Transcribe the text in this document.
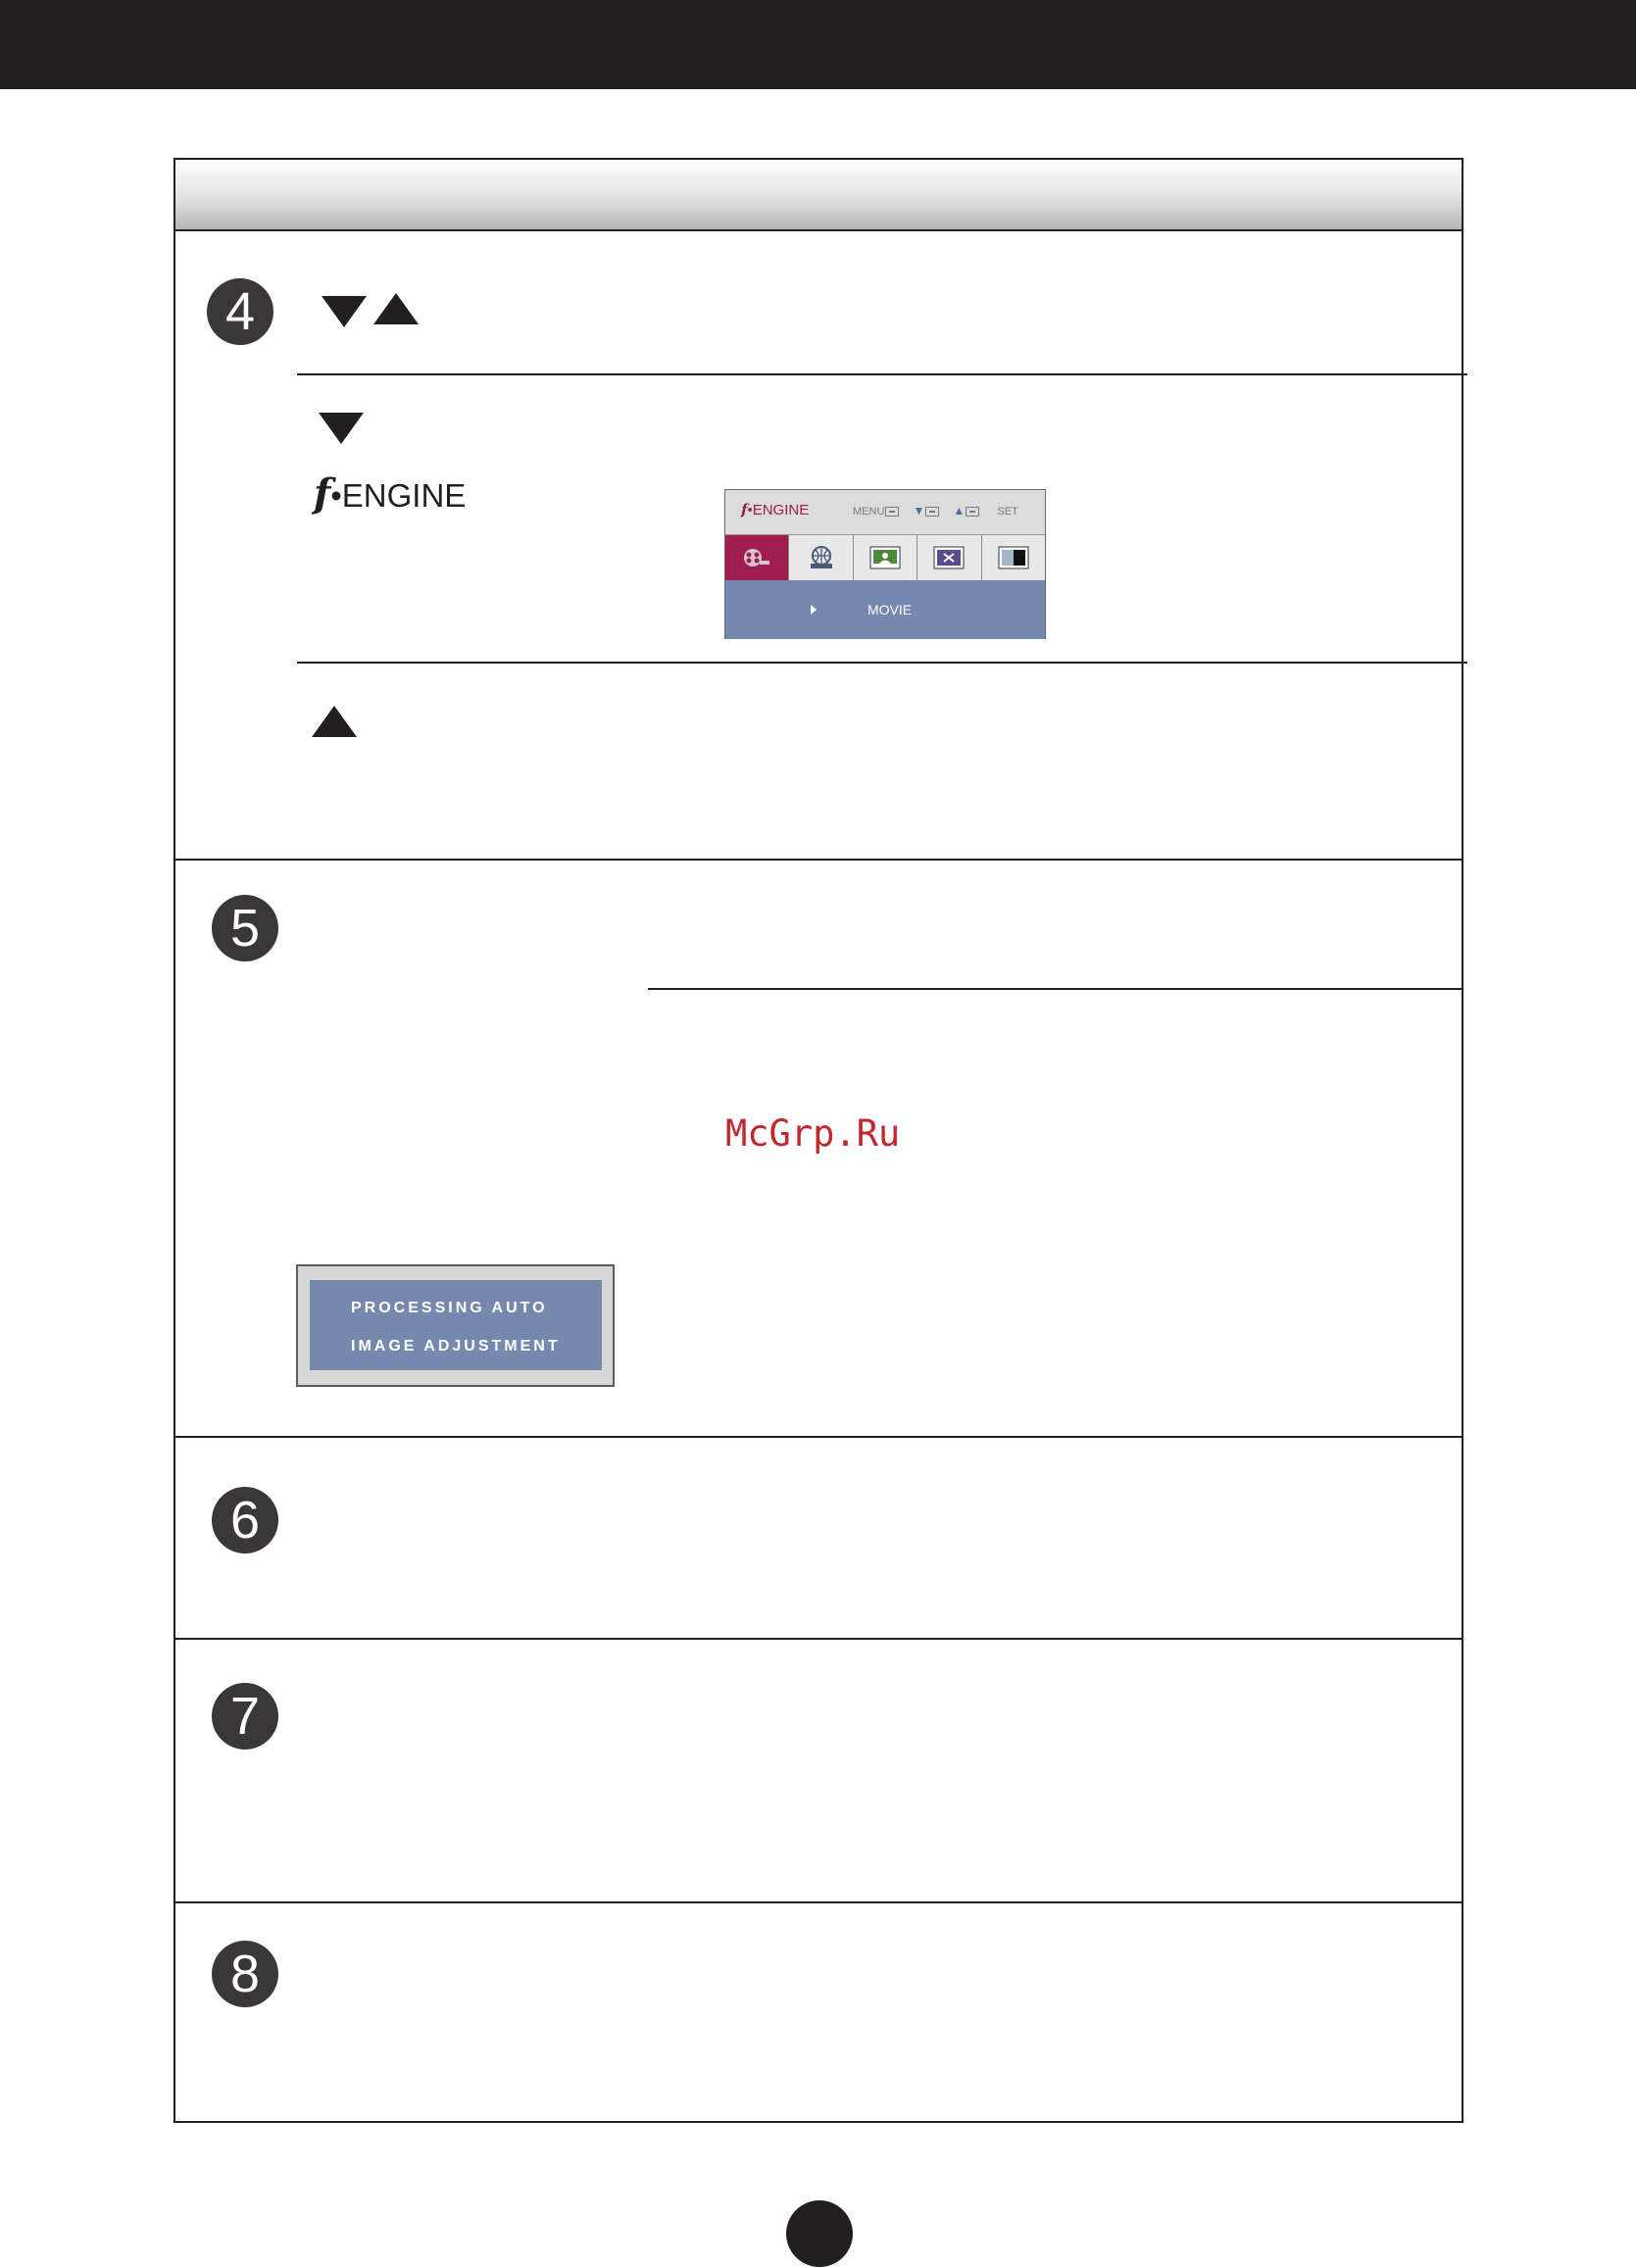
4
f•ENGINE	f•ENGINE	MENU ▼ ▲	SET
MOVIE
5
McGrp.Ru
PROCESSING AUTO
IMAGE ADJUSTMENT
6
7
8
